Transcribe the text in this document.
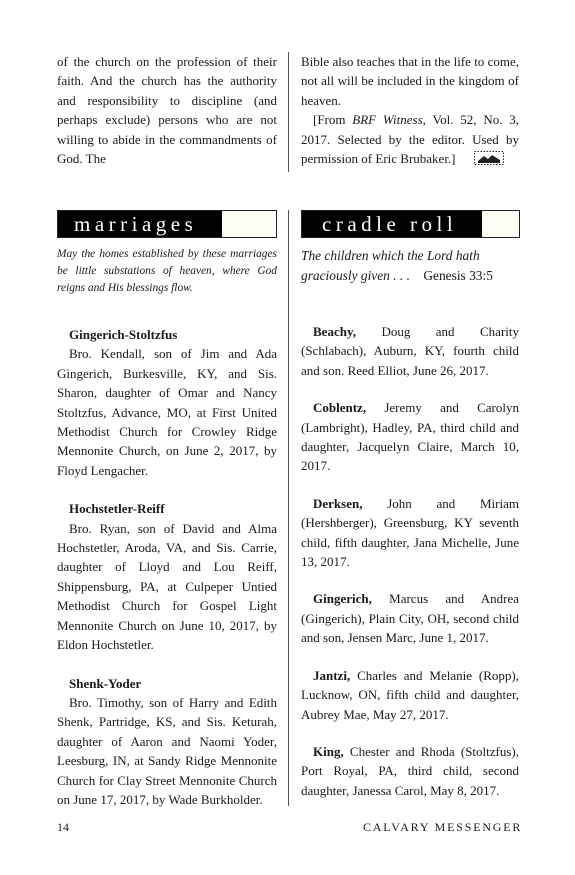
of the church on the profession of their faith. And the church has the authority and responsibility to discipline (and perhaps exclude) persons who are not willing to abide in the commandments of God. The

Bible also teaches that in the life to come, not all will be included in the kingdom of heaven.

[From BRF Witness, Vol. 52, No. 3, 2017. Selected by the editor. Used by permission of Eric Brubaker.]

marriages
May the homes established by these marriages be little substations of heaven, where God reigns and His blessings flow.

Gingerich-Stoltzfus

Bro. Kendall, son of Jim and Ada Gingerich, Burkesville, KY, and Sis. Sharon, daughter of Omar and Nancy Stoltzfus, Advance, MO, at First United Methodist Church for Crowley Ridge Mennonite Church, on June 2, 2017, by Floyd Lengacher.

Hochstetler-Reiff

Bro. Ryan, son of David and Alma Hochstetler, Aroda, VA, and Sis. Carrie, daughter of Lloyd and Lou Reiff, Shippensburg, PA, at Culpeper Untied Methodist Church for Gospel Light Mennonite Church on June 10, 2017, by Eldon Hochstetler.

Shenk-Yoder

Bro. Timothy, son of Harry and Edith Shenk, Partridge, KS, and Sis. Keturah, daughter of Aaron and Naomi Yoder, Leesburg, IN, at Sandy Ridge Mennonite Church for Clay Street Mennonite Church on June 17, 2017, by Wade Burkholder.

cradle roll
The children which the Lord hath graciously given . . . Genesis 33:5

Beachy, Doug and Charity (Schlabach), Auburn, KY, fourth child and son. Reed Elliot, June 26, 2017.

Coblentz, Jeremy and Carolyn (Lambright), Hadley, PA, third child and daughter, Jacquelyn Claire, March 10, 2017.

Derksen, John and Miriam (Hershberger), Greensburg, KY seventh child, fifth daughter, Jana Michelle, June 13, 2017.

Gingerich, Marcus and Andrea (Gingerich), Plain City, OH, second child and son, Jensen Marc, June 1, 2017.

Jantzi, Charles and Melanie (Ropp), Lucknow, ON, fifth child and daughter, Aubrey Mae, May 27, 2017.

King, Chester and Rhoda (Stoltzfus), Port Royal, PA, third child, second daughter, Janessa Carol, May 8, 2017.

14	CALVARY MESSENGER
